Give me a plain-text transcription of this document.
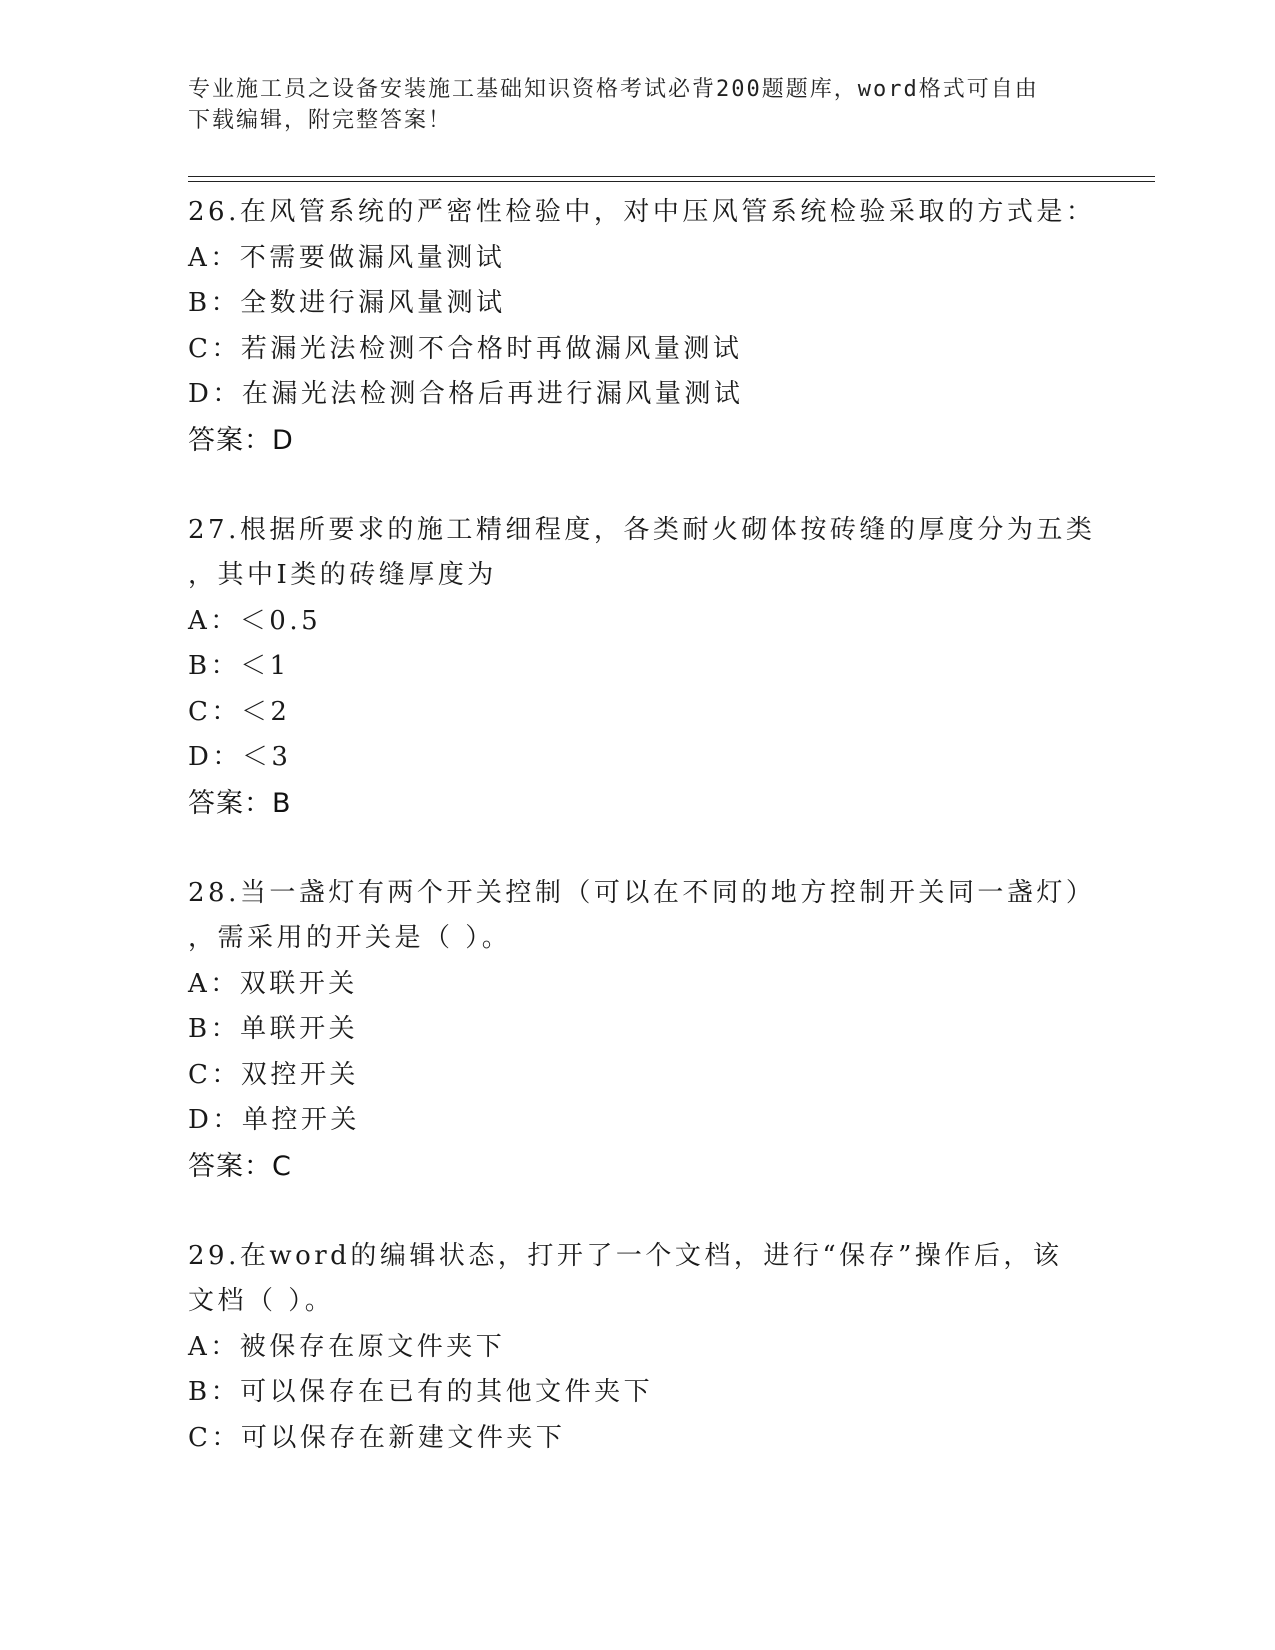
专业施工员之设备安装施工基础知识资格考试必背200题题库，word格式可自由
下载编辑，附完整答案！
26.在风管系统的严密性检验中，对中压风管系统检验采取的方式是：
A：不需要做漏风量测试
B：全数进行漏风量测试
C：若漏光法检测不合格时再做漏风量测试
D：在漏光法检测合格后再进行漏风量测试
答案：D
27.根据所要求的施工精细程度，各类耐火砌体按砖缝的厚度分为五类
，其中Ⅰ类的砖缝厚度为
A：＜0.5
B：＜1
C：＜2
D：＜3
答案：B
28.当一盏灯有两个开关控制（可以在不同的地方控制开关同一盏灯）
，需采用的开关是（ ）。
A：双联开关
B：单联开关
C：双控开关
D：单控开关
答案：C
29.在word的编辑状态，打开了一个文档，进行“保存”操作后，该
文档（ ）。
A：被保存在原文件夹下
B：可以保存在已有的其他文件夹下
C：可以保存在新建文件夹下
